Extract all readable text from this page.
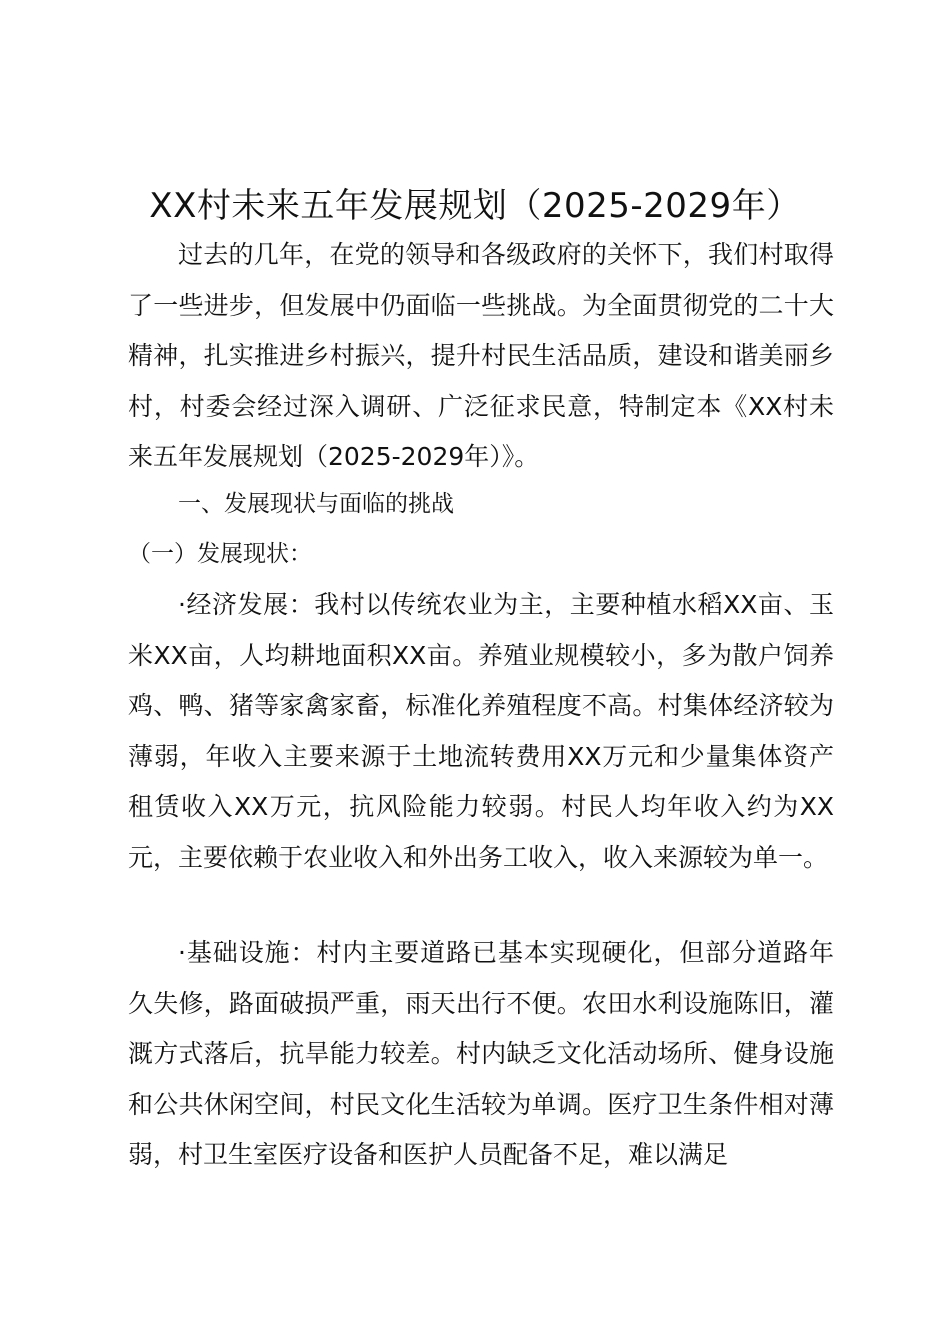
XX村未来五年发展规划（2025-2029年）

过去的几年，在党的领导和各级政府的关怀下，我们村取得了一些进步，但发展中仍面临一些挑战。为全面贯彻党的二十大精神，扎实推进乡村振兴，提升村民生活品质，建设和谐美丽乡村，村委会经过深入调研、广泛征求民意，特制定本《XX村未来五年发展规划（2025-2029年）》。

一、发展现状与面临的挑战
（一）发展现状：

·经济发展：我村以传统农业为主，主要种植水稻XX亩、玉米XX亩，人均耕地面积XX亩。养殖业规模较小，多为散户饲养鸡、鸭、猪等家禽家畜，标准化养殖程度不高。村集体经济较为薄弱，年收入主要来源于土地流转费用XX万元和少量集体资产租赁收入XX万元，抗风险能力较弱。村民人均年收入约为XX元，主要依赖于农业收入和外出务工收入，收入来源较为单一。

·基础设施：村内主要道路已基本实现硬化，但部分道路年久失修，路面破损严重，雨天出行不便。农田水利设施陈旧，灌溉方式落后，抗旱能力较差。村内缺乏文化活动场所、健身设施和公共休闲空间，村民文化生活较为单调。医疗卫生条件相对薄弱，村卫生室医疗设备和医护人员配备不足，难以满足
